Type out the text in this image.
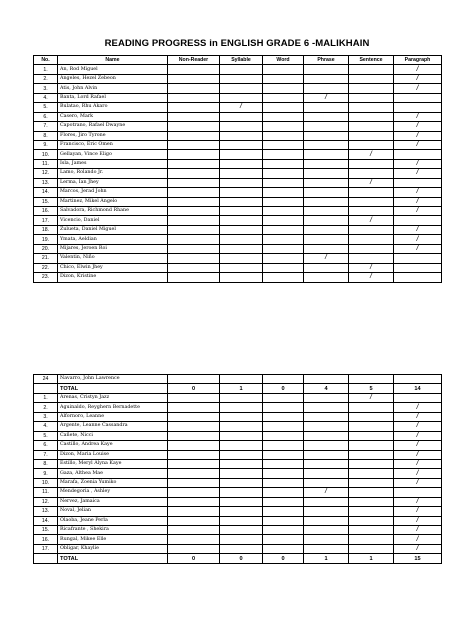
READING PROGRESS in ENGLISH GRADE 6 -MALIKHAIN
No.	Name	Non-Reader	Syllable	Word	Phrase	Sentence	Paragraph
1.	An, Rod Miguel						/
2.	Angeles, Hezel Zebeon						/
3.	Atis, John Alvin						/
4.	Banta, Lord Rafael				/		
5.	Bulatao, Rhu Akaro		/				
6.	Casero, Mark						/
7.	Capotrano, Rafael Dwayne						/
8.	Flores, Jiro Tyrone						/
9.	Francisco, Eric Omen						/
10.	Gellayan, Vince Eligo					/	
11.	Isla, James						/
12.	Lamo, Rolando Jr.						/
13.	Lerma, Ian Jhey					/	
14.	Marcos, Jerad John						/
15.	Martinez, Mikel Angelo						/
16.	Salvadora, Richmond Rhane						/
17.	Vicencio, Daniel					/	
18.	Zulueta, Daniel Miguel						/
19.	Ymata, Aeldian						/
20.	Mijares, Jeroen Roi						/
21.	Valentin, Niño				/		
22.	Chico, Elwin Jhey					/	
23.	Dizon, Kristine					/	
24	Navarro, John Lawrence						
	TOTAL	0	1	0	4	5	14
1.	Arenas, Cristyn Jazz					/	
2.	Aguinaldo, Reyghern Bernadette						/
3.	Alfornoro, Leanne						/
4.	Argente, Leanne Cassandra						/
5.	Cañete, Nicci						/
6.	Castillo, Andrea Kaye						/
7.	Dizon, Maria Louise						/
8.	Estillo, Meryl Alyna Kaye						/
9.	Gaza, Althea Mae						/
10.	Marafa, Zoenia Yumiko						/
11.	Mendegoria , Ashley				/		
12.	Nervez, Jamaica						/
13.	Noval, Jelian						/
14.	Olaoba, Jeane Perla						/
15.	Ricafrante , Shekira						/
16.	Rungal, Mikee Elle						/
17.	Obligar, Khaylie						/
	TOTAL	0	0	0	1	1	15
